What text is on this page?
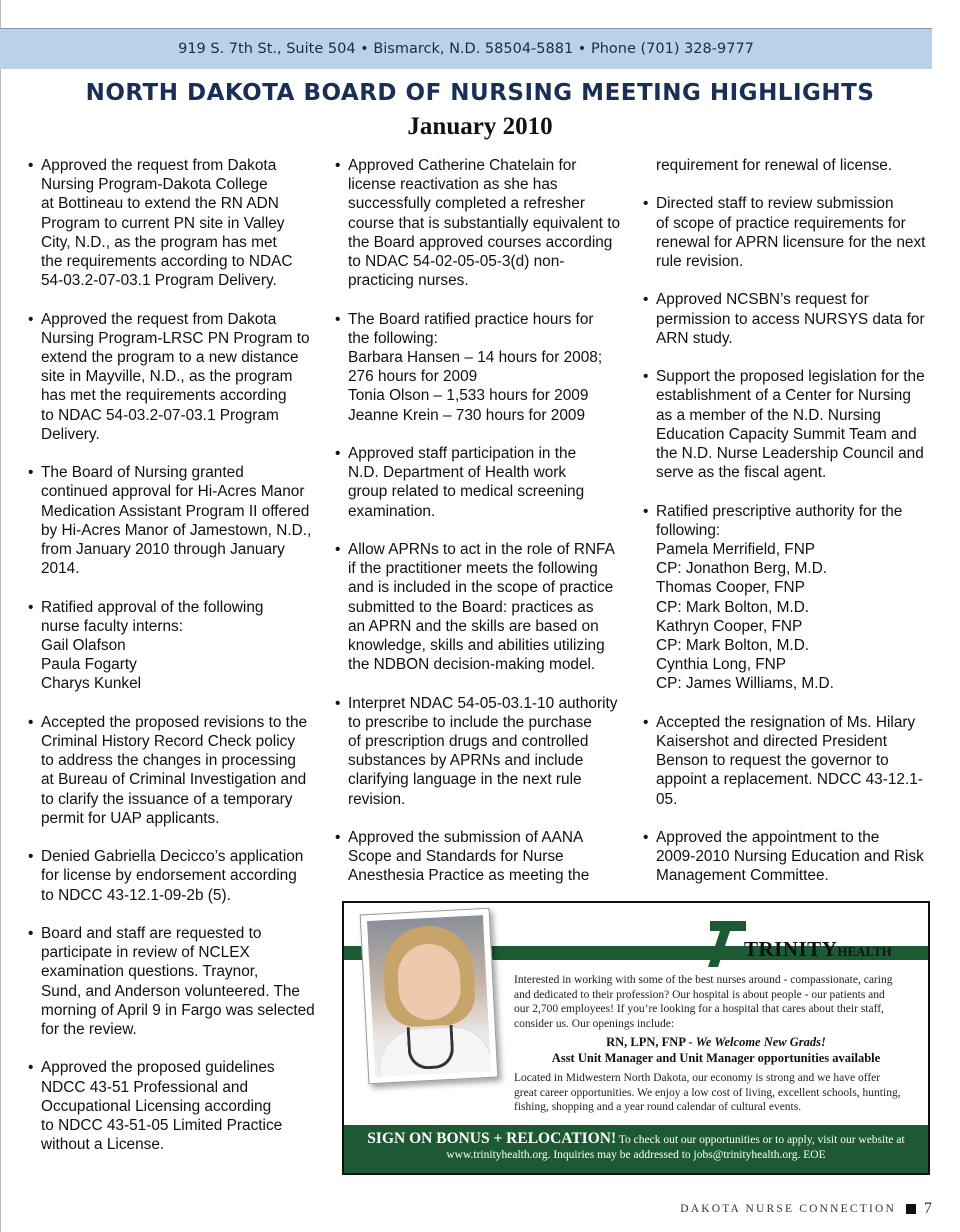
919 S. 7th St., Suite 504 • Bismarck, N.D. 58504-5881 • Phone (701) 328-9777
NORTH DAKOTA BOARD OF NURSING MEETING HIGHLIGHTS
January 2010
• Approved the request from Dakota
Nursing Program-Dakota College
at Bottineau to extend the RN ADN
Program to current PN site in Valley
City, N.D., as the program has met
the requirements according to NDAC
54-03.2-07-03.1 Program Delivery.
• Approved the request from Dakota
Nursing Program-LRSC PN Program to
extend the program to a new distance
site in Mayville, N.D., as the program
has met the requirements according
to NDAC 54-03.2-07-03.1 Program
Delivery.
• The Board of Nursing granted
continued approval for Hi-Acres Manor
Medication Assistant Program II offered
by Hi-Acres Manor of Jamestown, N.D.,
from January 2010 through January
2014.
• Ratified approval of the following
nurse faculty interns:
Gail Olafson
Paula Fogarty
Charys Kunkel
• Accepted the proposed revisions to the
Criminal History Record Check policy
to address the changes in processing
at Bureau of Criminal Investigation and
to clarify the issuance of a temporary
permit for UAP applicants.
• Denied Gabriella Decicco’s application
for license by endorsement according
to NDCC 43-12.1-09-2b (5).
• Board and staff are requested to
participate in review of NCLEX
examination questions. Traynor,
Sund, and Anderson volunteered. The
morning of April 9 in Fargo was selected
for the review.
• Approved the proposed guidelines
NDCC 43-51 Professional and
Occupational Licensing according
to NDCC 43-51-05 Limited Practice
without a License.
• Approved Catherine Chatelain for
license reactivation as she has
successfully completed a refresher
course that is substantially equivalent to
the Board approved courses according
to NDAC 54-02-05-05-3(d) non-
practicing nurses.
• The Board ratified practice hours for
the following:
Barbara Hansen – 14 hours for 2008;
276 hours for 2009
Tonia Olson – 1,533 hours for 2009
Jeanne Krein – 730 hours for 2009
• Approved staff participation in the
N.D. Department of Health work
group related to medical screening
examination.
• Allow APRNs to act in the role of RNFA
if the practitioner meets the following
and is included in the scope of practice
submitted to the Board: practices as
an APRN and the skills are based on
knowledge, skills and abilities utilizing
the NDBON decision-making model.
• Interpret NDAC 54-05-03.1-10 authority
to prescribe to include the purchase
of prescription drugs and controlled
substances by APRNs and include
clarifying language in the next rule
revision.
• Approved the submission of AANA
Scope and Standards for Nurse
Anesthesia Practice as meeting the
requirement for renewal of license.
• Directed staff to review submission
of scope of practice requirements for
renewal for APRN licensure for the next
rule revision.
• Approved NCSBN’s request for
permission to access NURSYS data for
ARN study.
• Support the proposed legislation for the
establishment of a Center for Nursing
as a member of the N.D. Nursing
Education Capacity Summit Team and
the N.D. Nurse Leadership Council and
serve as the fiscal agent.
• Ratified prescriptive authority for the
following:
Pamela Merrifield, FNP
CP: Jonathon Berg, M.D.
Thomas Cooper, FNP
CP: Mark Bolton, M.D.
Kathryn Cooper, FNP
CP: Mark Bolton, M.D.
Cynthia Long, FNP
CP: James Williams, M.D.
• Accepted the resignation of Ms. Hilary
Kaisershot and directed President
Benson to request the governor to
appoint a replacement. NDCC 43-12.1-
05.
• Approved the appointment to the
2009-2010 Nursing Education and Risk
Management Committee.
TRINITYHEALTH
Interested in working with some of the best nurses around - compassionate, caring
and dedicated to their profession? Our hospital is about people - our patients and
our 2,700 employees! If you’re looking for a hospital that cares about their staff,
consider us. Our openings include:
RN, LPN, FNP - We Welcome New Grads!
Asst Unit Manager and Unit Manager opportunities available
Located in Midwestern North Dakota, our economy is strong and we have offer
great career opportunities. We enjoy a low cost of living, excellent schools, hunting,
fishing, shopping and a year round calendar of cultural events.
SIGN ON BONUS + RELOCATION! To check out our opportunities or to apply, visit our website at
www.trinityhealth.org. Inquiries may be addressed to jobs@trinityhealth.org. EOE
DAKOTA NURSE CONNECTION 7
